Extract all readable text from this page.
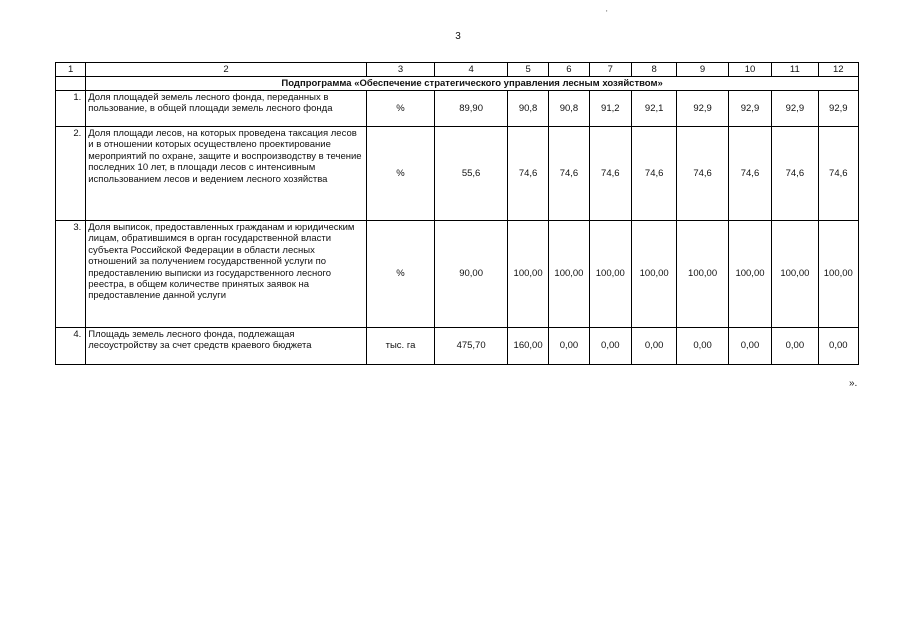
'
3
1	2	3	4	5	6	7	8	9	10	11	12
	Подпрограмма «Обеспечение стратегического управления лесным хозяйством»										
1.	Доля площадей земель лесного фонда, переданных в пользование, в общей площади земель лесного фонда	%	89,90	90,8	90,8	91,2	92,1	92,9	92,9	92,9	92,9
2.	Доля площади лесов, на которых проведена таксация лесов и в отношении которых осуществлено проектирование мероприятий по охране, защите и воспроизводству в течение последних 10 лет, в площади лесов с интенсивным использованием лесов и ведением лесного хозяйства	%	55,6	74,6	74,6	74,6	74,6	74,6	74,6	74,6	74,6
3.	Доля выписок, предоставленных гражданам и юридическим лицам, обратившимся в орган государственной власти субъекта Российской Федерации в области лесных отношений за получением государственной услуги по предоставлению выписки из государственного лесного реестра, в общем количестве принятых заявок на предоставление данной услуги	%	90,00	100,00	100,00	100,00	100,00	100,00	100,00	100,00	100,00
4.	Площадь земель лесного фонда, подлежащая лесоустройству за счет средств краевого бюджета	тыс. га	475,70	160,00	0,00	0,00	0,00	0,00	0,00	0,00	0,00
».
